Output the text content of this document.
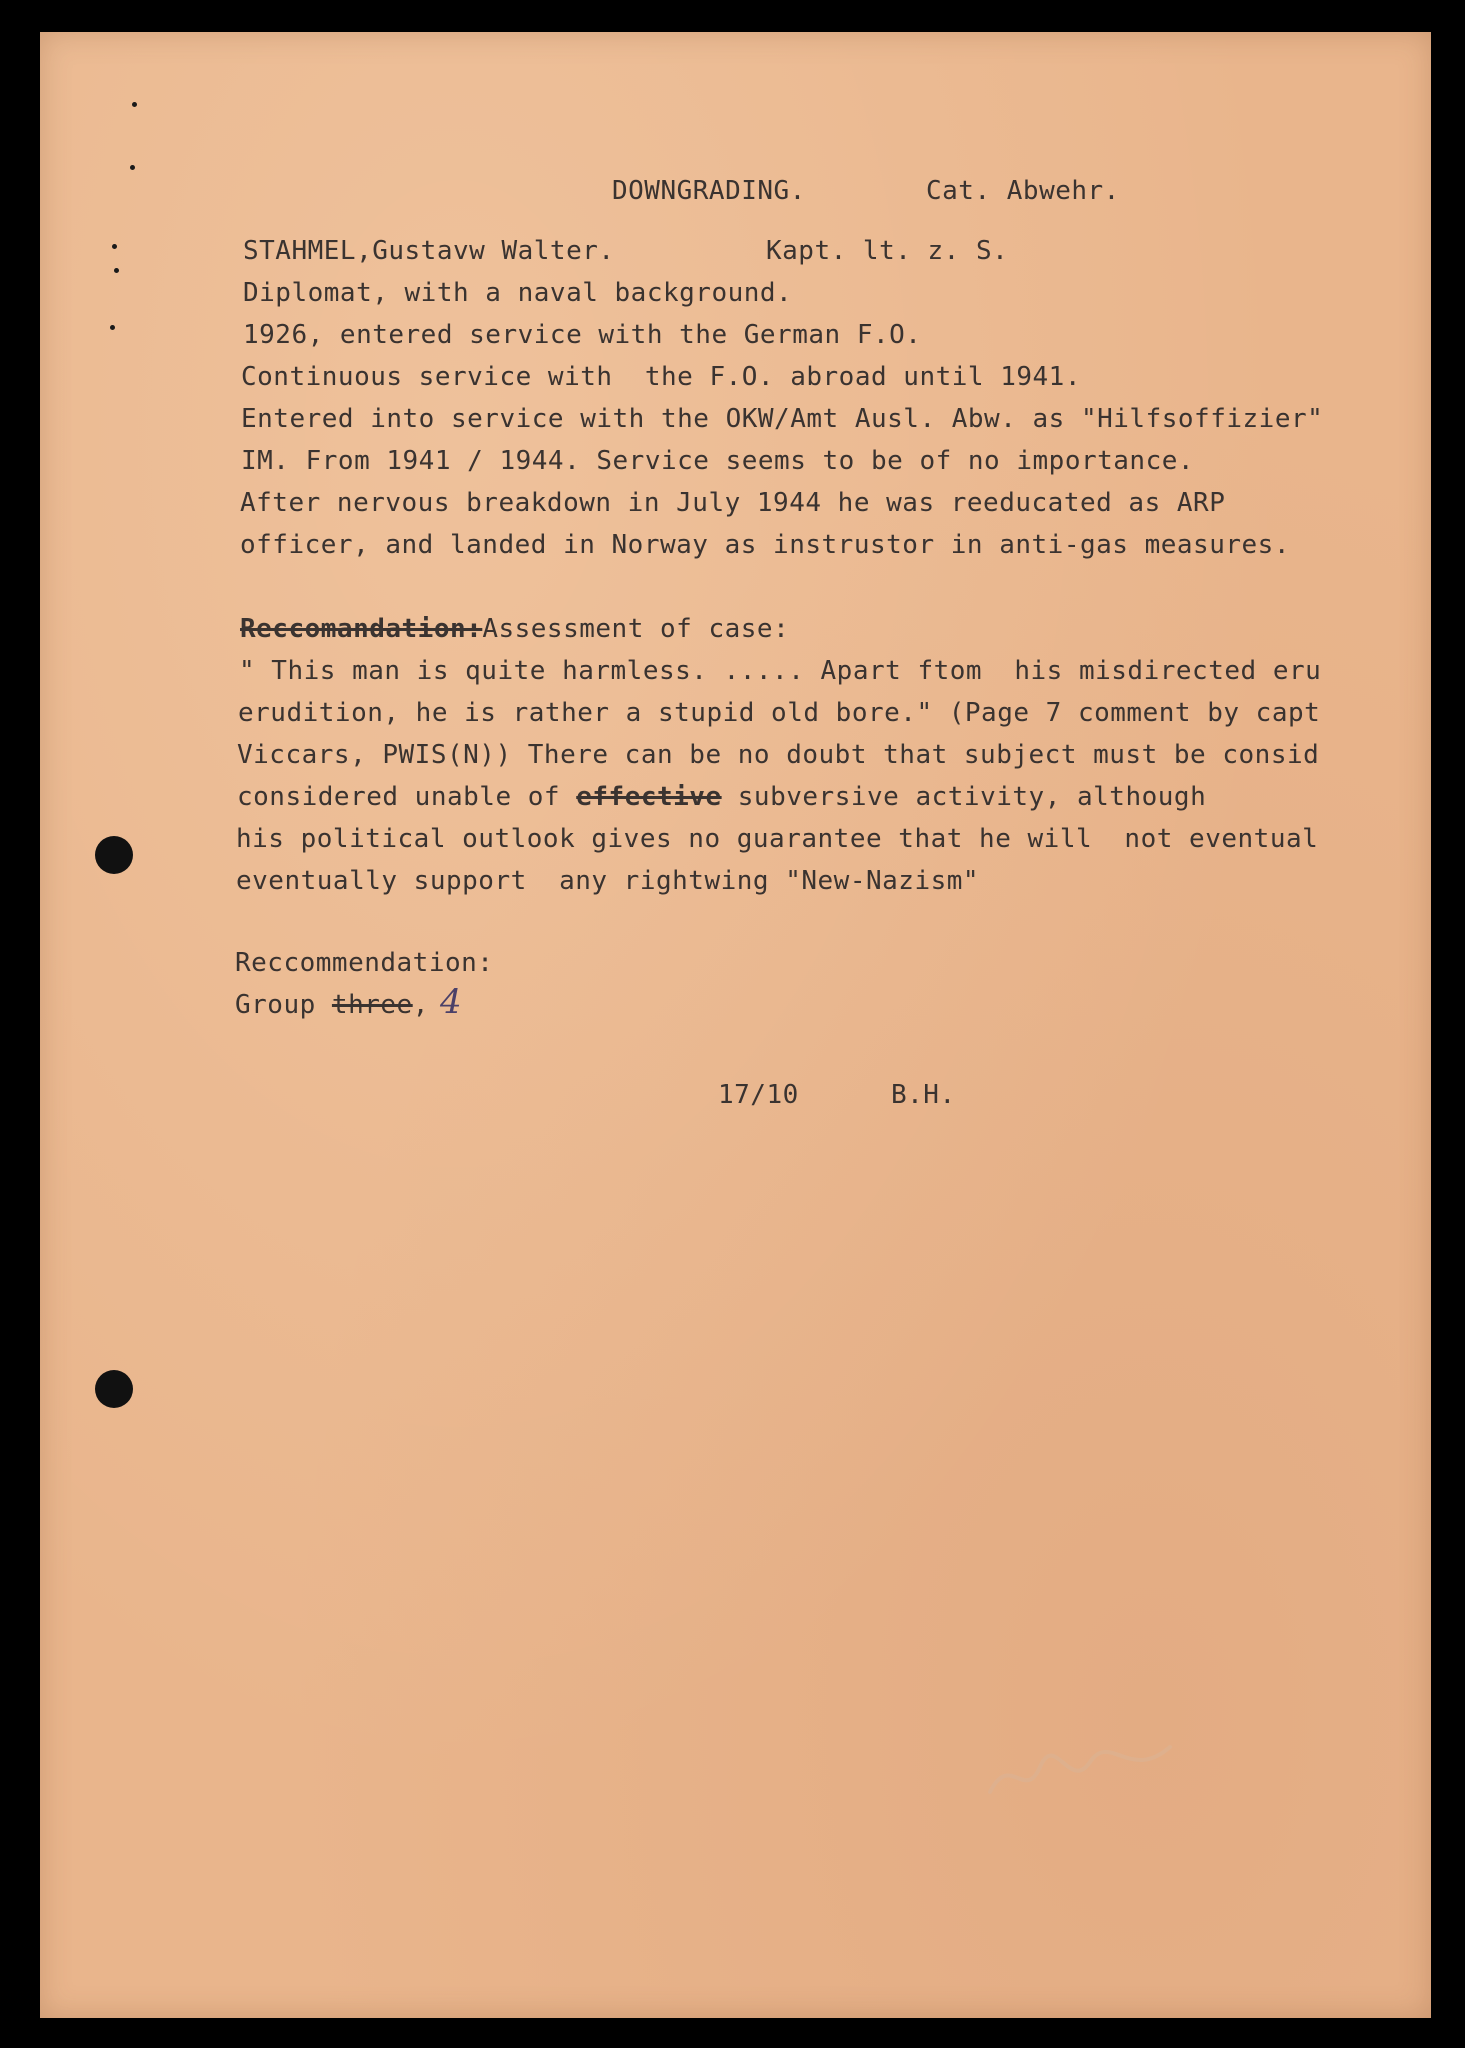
DOWNGRADING.	Cat. Abwehr.
STAHMEL,Gustavw Walter.	Kapt. lt. z. S.
Diplomat, with a naval background.
1926, entered service with the German F.O.
Continuous service with  the F.O. abroad until 1941.
Entered into service with the OKW/Amt Ausl. Abw. as "Hilfsoffizier"
IM. From 1941 / 1944. Service seems to be of no importance.
After nervous breakdown in July 1944 he was reeducated as ARP
officer, and landed in Norway as instrustor in anti-gas measures.
Reccomandation:Assessment of case:
" This man is quite harmless. ..... Apart ftom  his misdirected eru
erudition, he is rather a stupid old bore." (Page 7 comment by capt
Viccars, PWIS(N)) There can be no doubt that subject must be consid
considered unable of effective subversive activity, although
his political outlook gives no guarantee that he will  not eventual
eventually support  any rightwing "New-Nazism"
Reccommendation:
Group three, 4
17/10	B.H.
